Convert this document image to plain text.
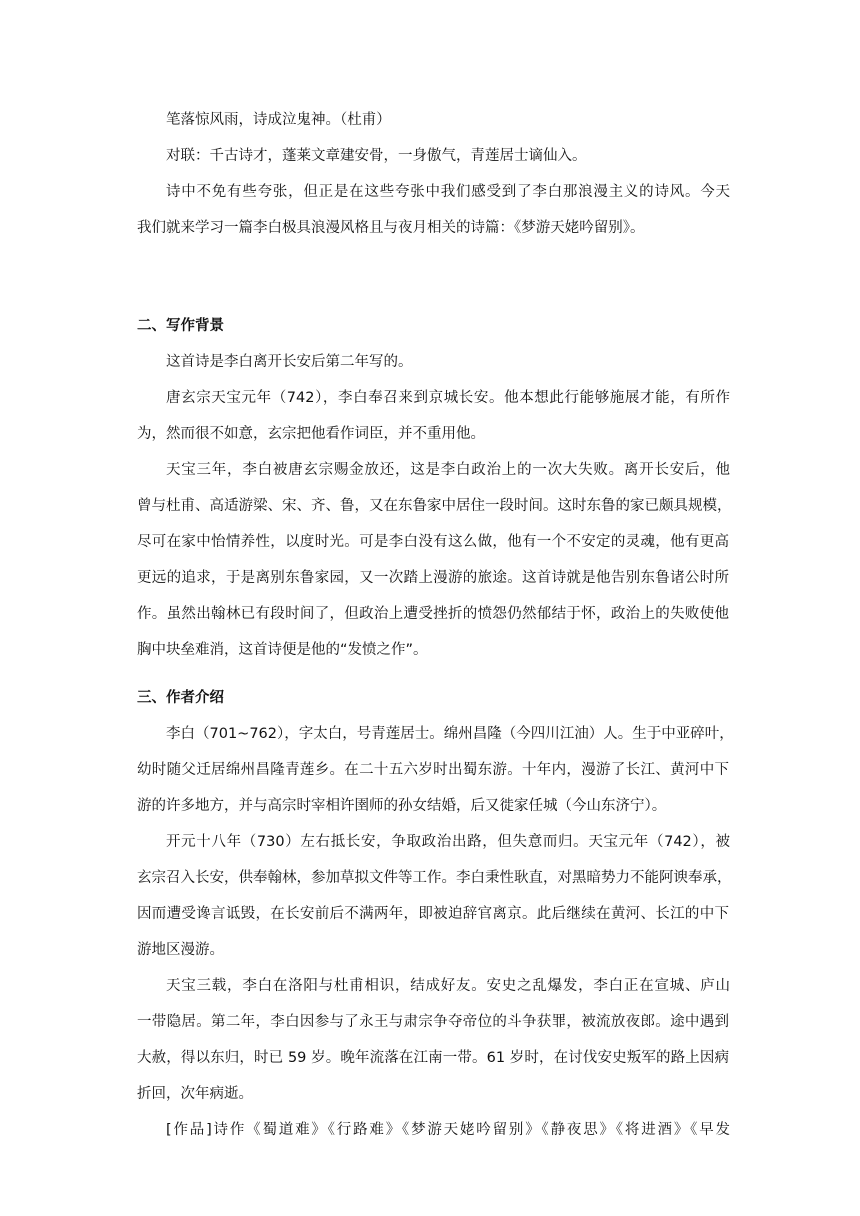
笔落惊风雨，诗成泣鬼神。（杜甫）
对联：千古诗才，蓬莱文章建安骨，一身傲气，青莲居士谪仙入。
诗中不免有些夸张，但正是在这些夸张中我们感受到了李白那浪漫主义的诗风。今天
我们就来学习一篇李白极具浪漫风格且与夜月相关的诗篇：《梦游天姥吟留别》。
二、写作背景
这首诗是李白离开长安后第二年写的。
唐玄宗天宝元年（742），李白奉召来到京城长安。他本想此行能够施展才能，有所作
为，然而很不如意，玄宗把他看作词臣，并不重用他。
天宝三年，李白被唐玄宗赐金放还，这是李白政治上的一次大失败。离开长安后，他
曾与杜甫、高适游梁、宋、齐、鲁，又在东鲁家中居住一段时间。这时东鲁的家已颇具规模，
尽可在家中怡情养性，以度时光。可是李白没有这么做，他有一个不安定的灵魂，他有更高
更远的追求，于是离别东鲁家园，又一次踏上漫游的旅途。这首诗就是他告别东鲁诸公时所
作。虽然出翰林已有段时间了，但政治上遭受挫折的愤怨仍然郁结于怀，政治上的失败使他
胸中块垒难消，这首诗便是他的“发愤之作”。
三、作者介绍
李白（701~762），字太白，号青莲居士。绵州昌隆（今四川江油）人。生于中亚碎叶，
幼时随父迁居绵州昌隆青莲乡。在二十五六岁时出蜀东游。十年内，漫游了长江、黄河中下
游的许多地方，并与高宗时宰相许圉师的孙女结婚，后又徙家任城（今山东济宁）。
开元十八年（730）左右抵长安，争取政治出路，但失意而归。天宝元年（742），被
玄宗召入长安，供奉翰林，参加草拟文件等工作。李白秉性耿直，对黑暗势力不能阿谀奉承，
因而遭受谗言诋毁，在长安前后不满两年，即被迫辞官离京。此后继续在黄河、长江的中下
游地区漫游。
天宝三载，李白在洛阳与杜甫相识，结成好友。安史之乱爆发，李白正在宣城、庐山
一带隐居。第二年，李白因参与了永王与肃宗争夺帝位的斗争获罪，被流放夜郎。途中遇到
大赦，得以东归，时已 59 岁。晚年流落在江南一带。61 岁时，在讨伐安史叛军的路上因病
折回，次年病逝。
[作品]诗作《蜀道难》《行路难》《梦游天姥吟留别》《静夜思》《将进酒》《早发
